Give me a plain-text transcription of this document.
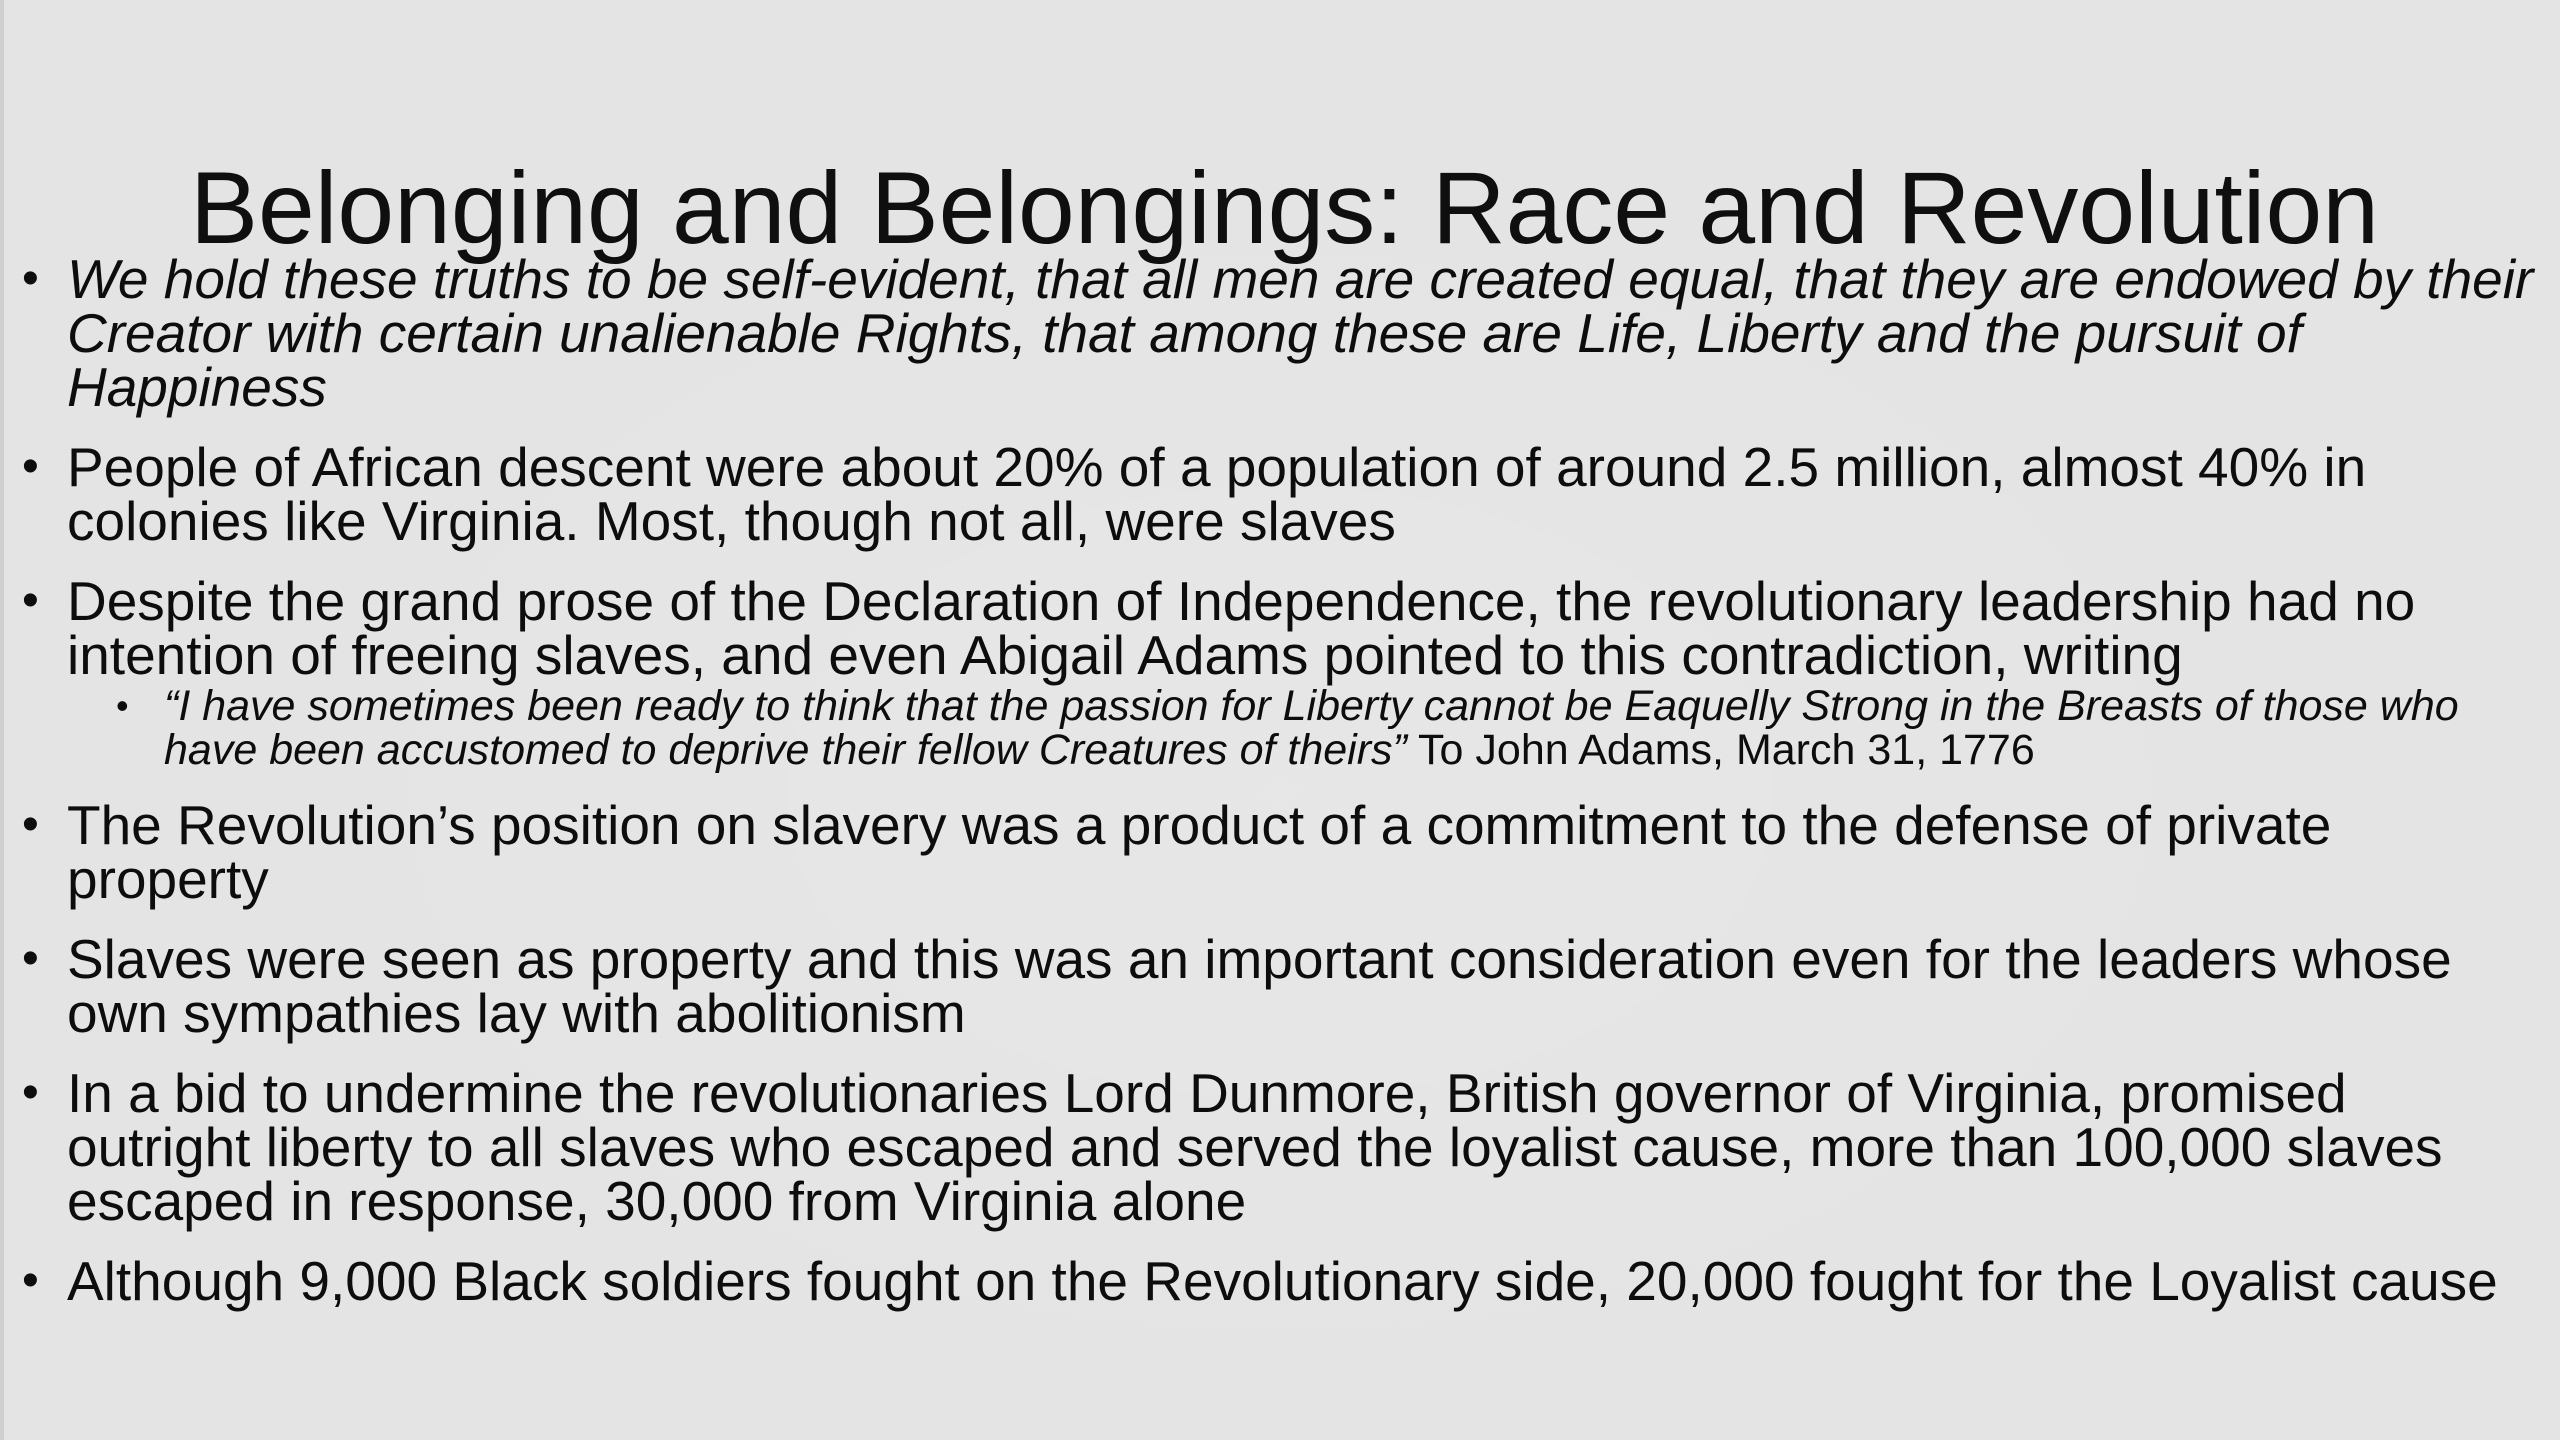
Belonging and Belongings: Race and Revolution
• We hold these truths to be self-evident, that all men are created equal, that they are endowed by their Creator with certain unalienable Rights, that among these are Life, Liberty and the pursuit of Happiness
• People of African descent were about 20% of a population of around 2.5 million, almost 40% in colonies like Virginia. Most, though not all, were slaves
• Despite the grand prose of the Declaration of Independence, the revolutionary leadership had no intention of freeing slaves, and even Abigail Adams pointed to this contradiction, writing
• “I have sometimes been ready to think that the passion for Liberty cannot be Eaquelly Strong in the Breasts of those who have been accustomed to deprive their fellow Creatures of theirs” To John Adams, March 31, 1776
• The Revolution’s position on slavery was a product of a commitment to the defense of private property
• Slaves were seen as property and this was an important consideration even for the leaders whose own sympathies lay with abolitionism
• In a bid to undermine the revolutionaries Lord Dunmore, British governor of Virginia, promised outright liberty to all slaves who escaped and served the loyalist cause, more than 100,000 slaves escaped in response, 30,000 from Virginia alone
• Although 9,000 Black soldiers fought on the Revolutionary side, 20,000 fought for the Loyalist cause
